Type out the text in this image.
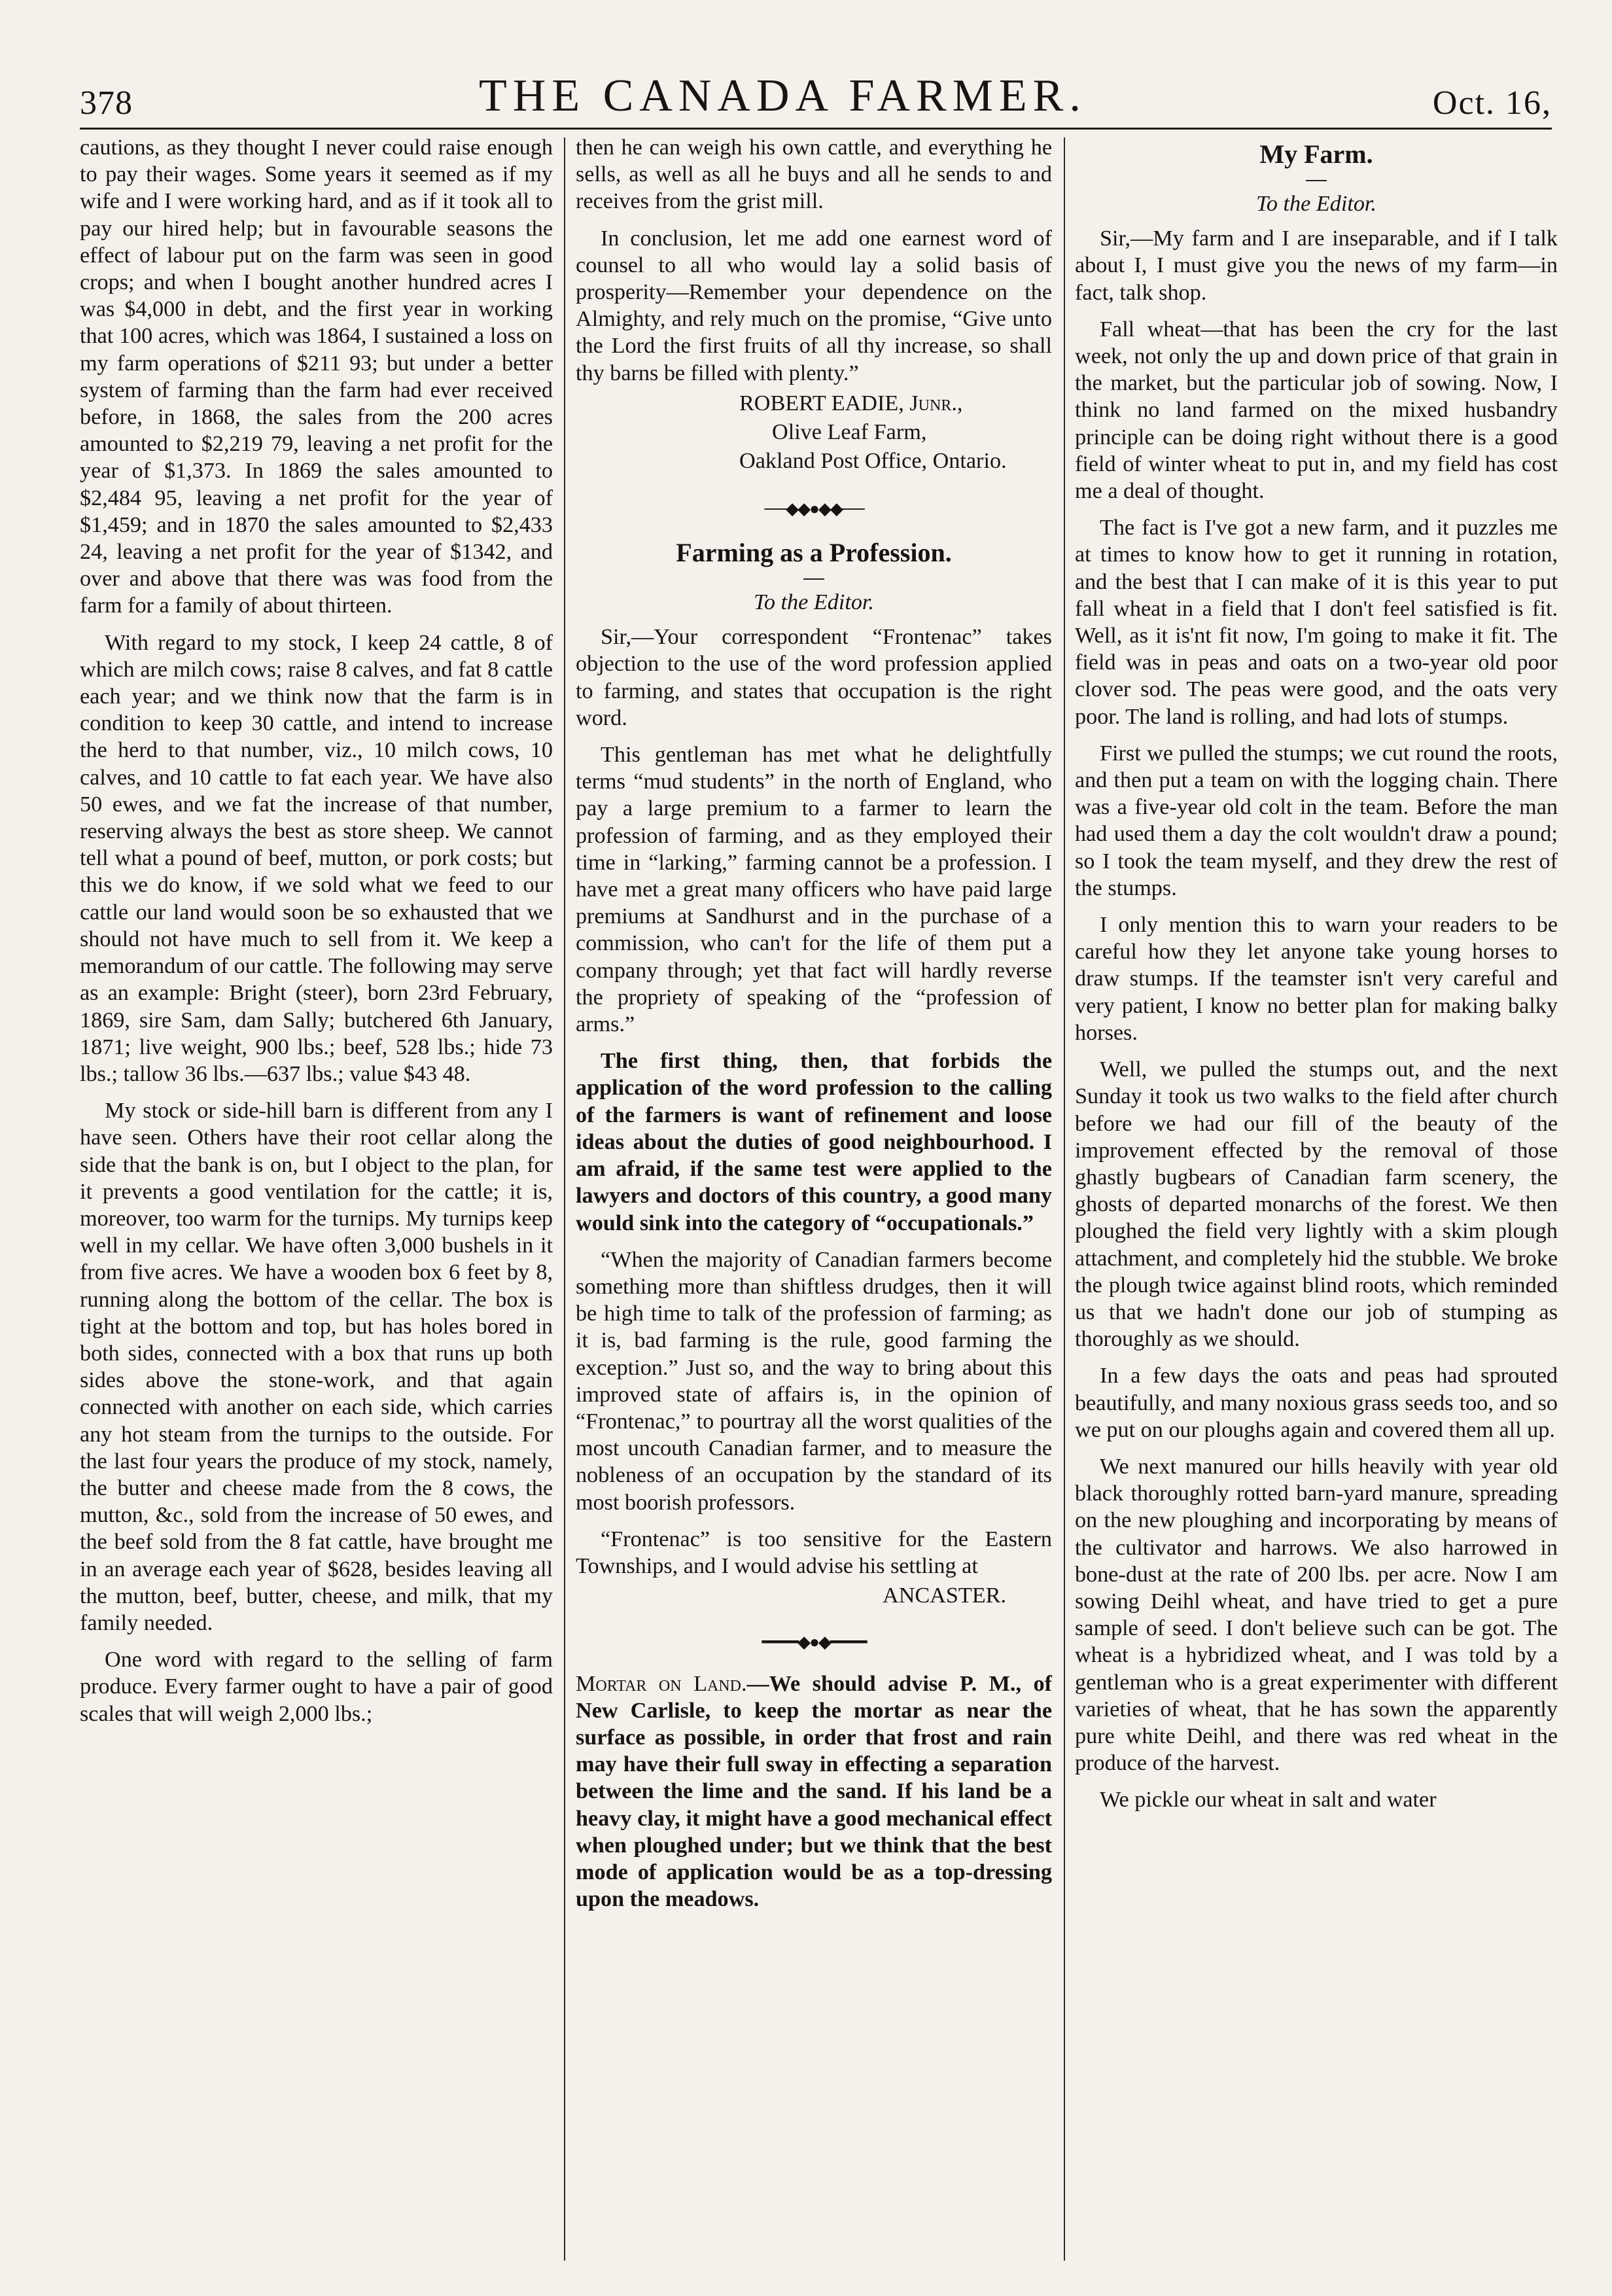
378	THE CANADA FARMER.	Oct. 16,

cautions, as they thought I never could raise enough to pay their wages. Some years it seemed as if my wife and I were working hard, and as if it took all to pay our hired help; but in favourable seasons the effect of labour put on the farm was seen in good crops; and when I bought another hundred acres I was $4,000 in debt, and the first year in working that 100 acres, which was 1864, I sustained a loss on my farm operations of $211 93; but under a better system of farming than the farm had ever received before, in 1868, the sales from the 200 acres amounted to $2,219 79, leaving a net profit for the year of $1,373. In 1869 the sales amounted to $2,484 95, leaving a net profit for the year of $1,459; and in 1870 the sales amounted to $2,433 24, leaving a net profit for the year of $1342, and over and above that there was was food from the farm for a family of about thirteen.

With regard to my stock, I keep 24 cattle, 8 of which are milch cows; raise 8 calves, and fat 8 cattle each year; and we think now that the farm is in condition to keep 30 cattle, and intend to increase the herd to that number, viz., 10 milch cows, 10 calves, and 10 cattle to fat each year. We have also 50 ewes, and we fat the increase of that number, reserving always the best as store sheep. We cannot tell what a pound of beef, mutton, or pork costs; but this we do know, if we sold what we feed to our cattle our land would soon be so exhausted that we should not have much to sell from it. We keep a memorandum of our cattle. The following may serve as an example: Bright (steer), born 23rd February, 1869, sire Sam, dam Sally; butchered 6th January, 1871; live weight, 900 lbs.; beef, 528 lbs.; hide 73 lbs.; tallow 36 lbs.—637 lbs.; value $43 48.

My stock or side-hill barn is different from any I have seen. Others have their root cellar along the side that the bank is on, but I object to the plan, for it prevents a good ventilation for the cattle; it is, moreover, too warm for the turnips. My turnips keep well in my cellar. We have often 3,000 bushels in it from five acres. We have a wooden box 6 feet by 8, running along the bottom of the cellar. The box is tight at the bottom and top, but has holes bored in both sides, connected with a box that runs up both sides above the stone-work, and that again connected with another on each side, which carries any hot steam from the turnips to the outside. For the last four years the produce of my stock, namely, the butter and cheese made from the 8 cows, the mutton, &c., sold from the increase of 50 ewes, and the beef sold from the 8 fat cattle, have brought me in an average each year of $628, besides leaving all the mutton, beef, butter, cheese, and milk, that my family needed.

One word with regard to the selling of farm produce. Every farmer ought to have a pair of good scales that will weigh 2,000 lbs.;

then he can weigh his own cattle, and everything he sells, as well as all he buys and all he sends to and receives from the grist mill.

In conclusion, let me add one earnest word of counsel to all who would lay a solid basis of prosperity—Remember your dependence on the Almighty, and rely much on the promise, “Give unto the Lord the first fruits of all thy increase, so shall thy barns be filled with plenty.”

ROBERT EADIE, Junr.,
Olive Leaf Farm,
Oakland Post Office, Ontario.
──◆◆●◆◆──
Farming as a Profession.
To the Editor.

Sir,—Your correspondent “Frontenac” takes objection to the use of the word profession applied to farming, and states that occupation is the right word.

This gentleman has met what he delightfully terms “mud students” in the north of England, who pay a large premium to a farmer to learn the profession of farming, and as they employed their time in “larking,” farming cannot be a profession. I have met a great many officers who have paid large premiums at Sandhurst and in the purchase of a commission, who can't for the life of them put a company through; yet that fact will hardly reverse the propriety of speaking of the “profession of arms.”

The first thing, then, that forbids the application of the word profession to the calling of the farmers is want of refinement and loose ideas about the duties of good neighbourhood. I am afraid, if the same test were applied to the lawyers and doctors of this country, a good many would sink into the category of “occupationals.”

“When the majority of Canadian farmers become something more than shiftless drudges, then it will be high time to talk of the profession of farming; as it is, bad farming is the rule, good farming the exception.” Just so, and the way to bring about this improved state of affairs is, in the opinion of “Frontenac,” to pourtray all the worst qualities of the most uncouth Canadian farmer, and to measure the nobleness of an occupation by the standard of its most boorish professors.

“Frontenac” is too sensitive for the Eastern Townships, and I would advise his settling at

ANCASTER.
━━━━◆●◆━━━━

Mortar on Land.—We should advise P. M., of New Carlisle, to keep the mortar as near the surface as possible, in order that frost and rain may have their full sway in effecting a separation between the lime and the sand. If his land be a heavy clay, it might have a good mechanical effect when ploughed under; but we think that the best mode of application would be as a top-dressing upon the meadows.

My Farm.
To the Editor.

Sir,—My farm and I are inseparable, and if I talk about I, I must give you the news of my farm—in fact, talk shop.

Fall wheat—that has been the cry for the last week, not only the up and down price of that grain in the market, but the particular job of sowing. Now, I think no land farmed on the mixed husbandry principle can be doing right without there is a good field of winter wheat to put in, and my field has cost me a deal of thought.

The fact is I've got a new farm, and it puzzles me at times to know how to get it running in rotation, and the best that I can make of it is this year to put fall wheat in a field that I don't feel satisfied is fit. Well, as it is'nt fit now, I'm going to make it fit. The field was in peas and oats on a two-year old poor clover sod. The peas were good, and the oats very poor. The land is rolling, and had lots of stumps.

First we pulled the stumps; we cut round the roots, and then put a team on with the logging chain. There was a five-year old colt in the team. Before the man had used them a day the colt wouldn't draw a pound; so I took the team myself, and they drew the rest of the stumps.

I only mention this to warn your readers to be careful how they let anyone take young horses to draw stumps. If the teamster isn't very careful and very patient, I know no better plan for making balky horses.

Well, we pulled the stumps out, and the next Sunday it took us two walks to the field after church before we had our fill of the beauty of the improvement effected by the removal of those ghastly bugbears of Canadian farm scenery, the ghosts of departed monarchs of the forest. We then ploughed the field very lightly with a skim plough attachment, and completely hid the stubble. We broke the plough twice against blind roots, which reminded us that we hadn't done our job of stumping as thoroughly as we should.

In a few days the oats and peas had sprouted beautifully, and many noxious grass seeds too, and so we put on our ploughs again and covered them all up.

We next manured our hills heavily with year old black thoroughly rotted barn-yard manure, spreading on the new ploughing and incorporating by means of the cultivator and harrows. We also harrowed in bone-dust at the rate of 200 lbs. per acre. Now I am sowing Deihl wheat, and have tried to get a pure sample of seed. I don't believe such can be got. The wheat is a hybridized wheat, and I was told by a gentleman who is a great experimenter with different varieties of wheat, that he has sown the apparently pure white Deihl, and there was red wheat in the produce of the harvest.

We pickle our wheat in salt and water
